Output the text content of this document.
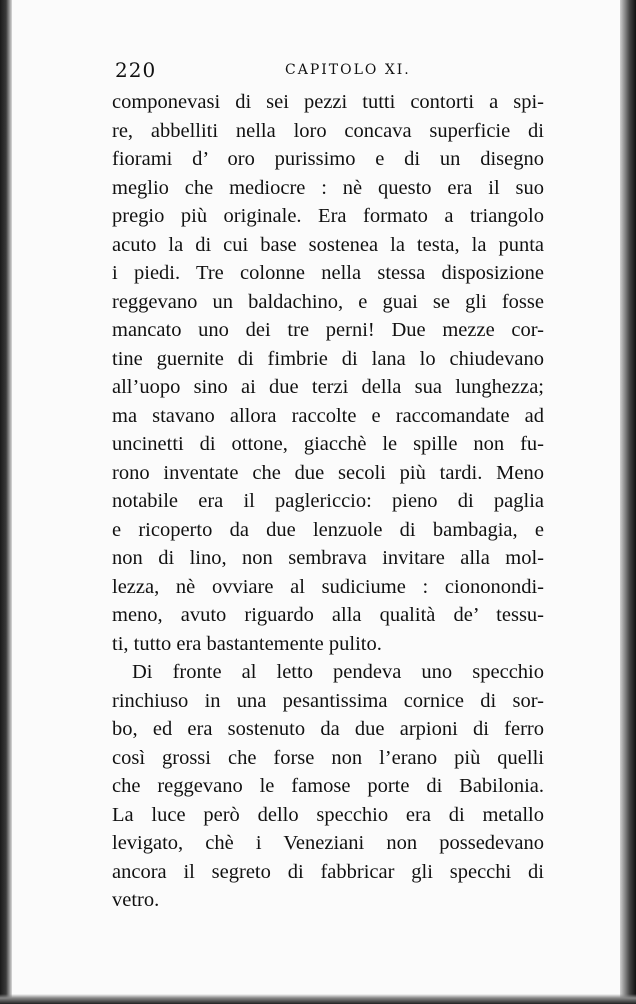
220	CAPITOLO XI.
componevasi di sei pezzi tutti contorti a spi-
re, abbelliti nella loro concava superficie di
fiorami d’ oro purissimo e di un disegno
meglio che mediocre : nè questo era il suo
pregio più originale. Era formato a triangolo
acuto la di cui base sostenea la testa, la punta
i piedi. Tre colonne nella stessa disposizione
reggevano un baldachino, e guai se gli fosse
mancato uno dei tre perni! Due mezze cor-
tine guernite di fimbrie di lana lo chiudevano
all’uopo sino ai due terzi della sua lunghezza;
ma stavano allora raccolte e raccomandate ad
uncinetti di ottone, giacchè le spille non fu-
rono inventate che due secoli più tardi. Meno
notabile era il paglericcio: pieno di paglia
e ricoperto da due lenzuole di bambagia, e
non di lino, non sembrava invitare alla mol-
lezza, nè ovviare al sudiciume : ciononondi-
meno, avuto riguardo alla qualità de’ tessu-
ti, tutto era bastantemente pulito.
Di fronte al letto pendeva uno specchio
rinchiuso in una pesantissima cornice di sor-
bo, ed era sostenuto da due arpioni di ferro
così grossi che forse non l’erano più quelli
che reggevano le famose porte di Babilonia.
La luce però dello specchio era di metallo
levigato, chè i Veneziani non possedevano
ancora il segreto di fabbricar gli specchi di
vetro.
